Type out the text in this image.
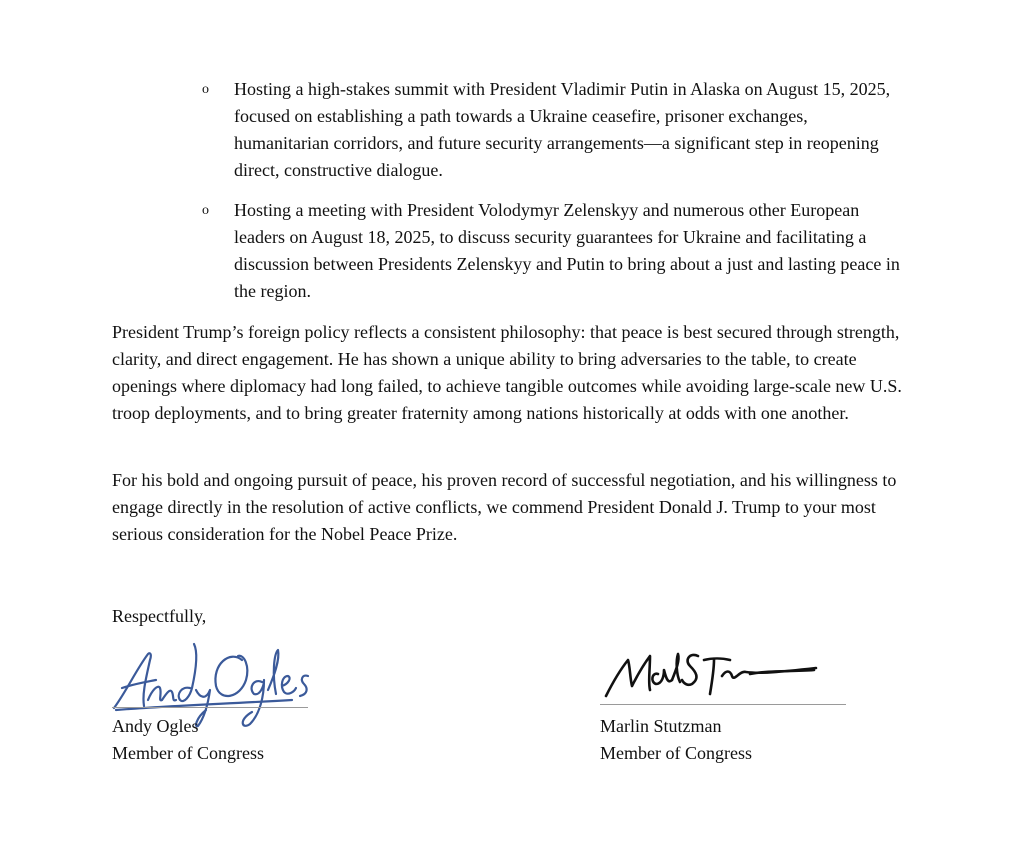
o Hosting a high-stakes summit with President Vladimir Putin in Alaska on August 15, 2025, focused on establishing a path towards a Ukraine ceasefire, prisoner exchanges, humanitarian corridors, and future security arrangements—a significant step in reopening direct, constructive dialogue.
o Hosting a meeting with President Volodymyr Zelenskyy and numerous other European leaders on August 18, 2025, to discuss security guarantees for Ukraine and facilitating a discussion between Presidents Zelenskyy and Putin to bring about a just and lasting peace in the region.

President Trump’s foreign policy reflects a consistent philosophy: that peace is best secured through strength, clarity, and direct engagement. He has shown a unique ability to bring adversaries to the table, to create openings where diplomacy had long failed, to achieve tangible outcomes while avoiding large-scale new U.S. troop deployments, and to bring greater fraternity among nations historically at odds with one another.

For his bold and ongoing pursuit of peace, his proven record of successful negotiation, and his willingness to engage directly in the resolution of active conflicts, we commend President Donald J. Trump to your most serious consideration for the Nobel Peace Prize.

Respectfully,
Andy Ogles
Member of Congress
Marlin Stutzman
Member of Congress
